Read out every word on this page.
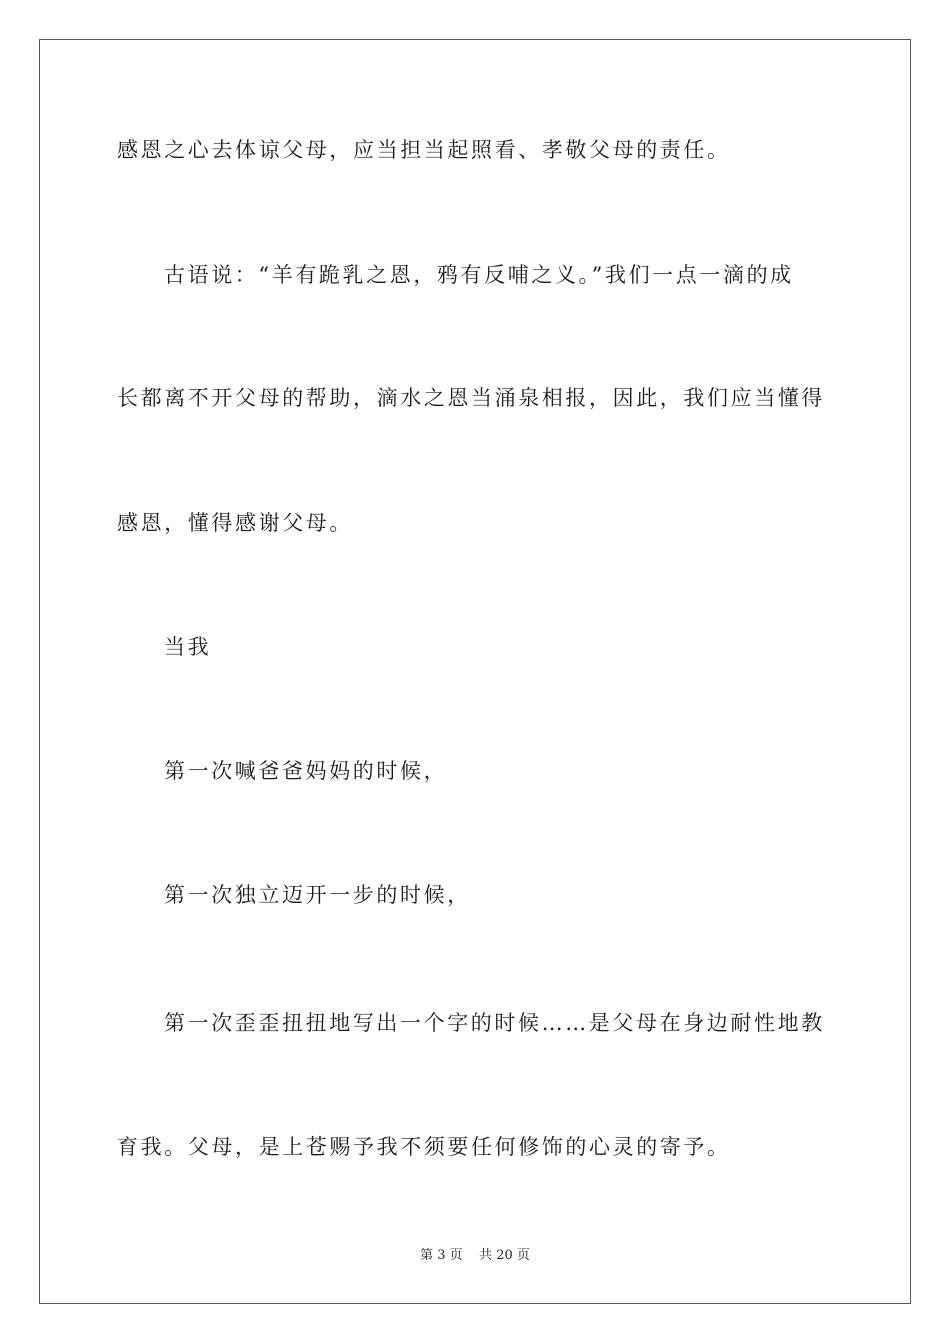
感恩之心去体谅父母，应当担当起照看、孝敬父母的责任。
古语说：“羊有跪乳之恩，鸦有反哺之义。”我们一点一滴的成
长都离不开父母的帮助，滴水之恩当涌泉相报，因此，我们应当懂得
感恩，懂得感谢父母。
当我
第一次喊爸爸妈妈的时候，
第一次独立迈开一步的时候，
第一次歪歪扭扭地写出一个字的时候……是父母在身边耐性地教
育我。父母，是上苍赐予我不须要任何修饰的心灵的寄予。
第 3 页    共 20 页
